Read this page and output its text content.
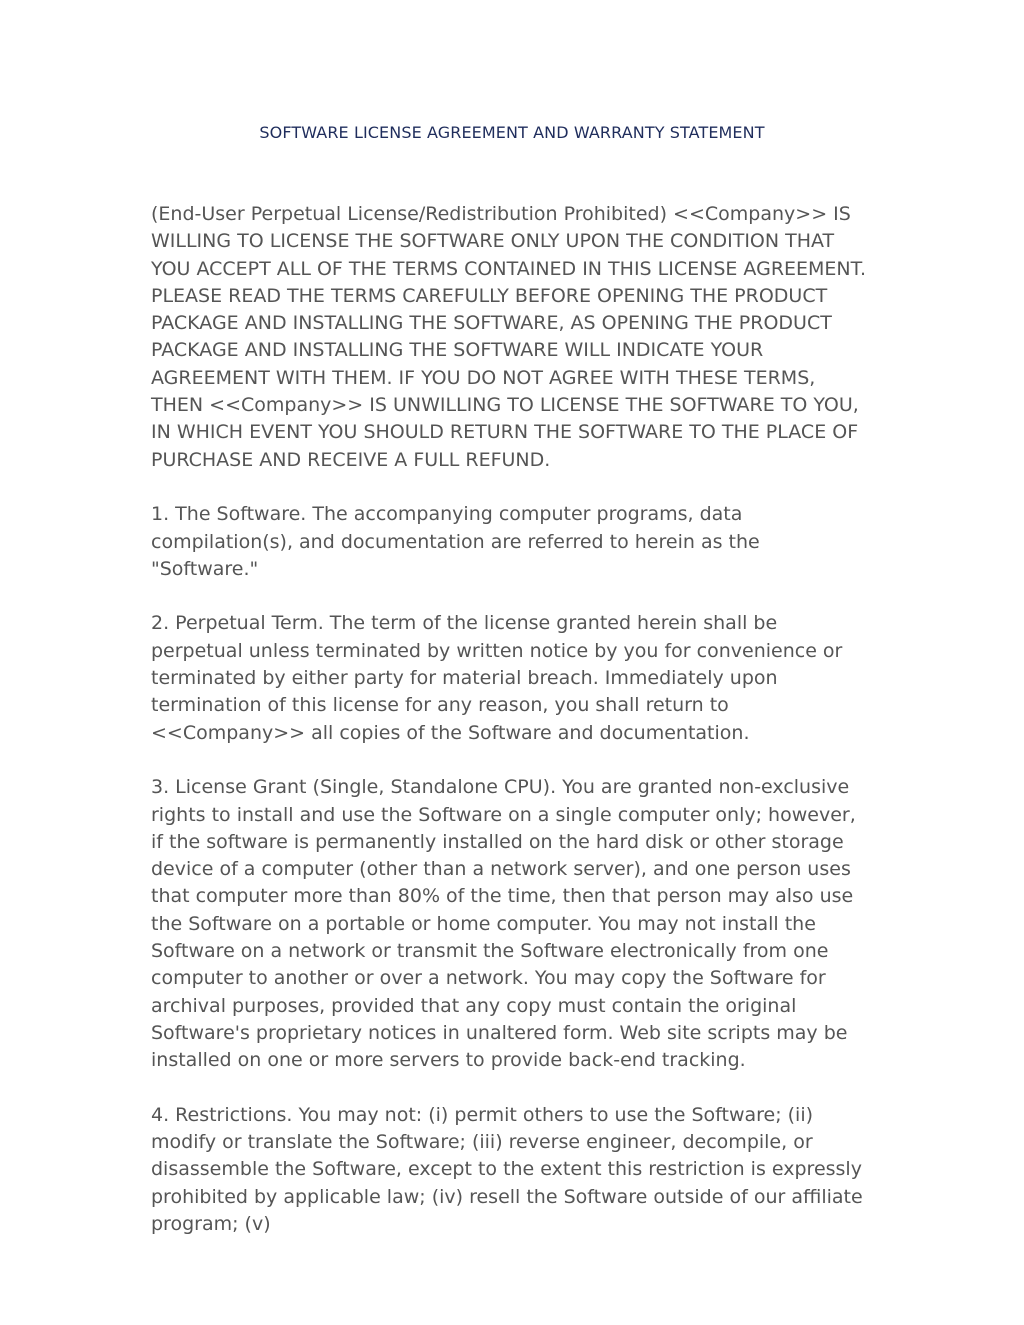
SOFTWARE LICENSE AGREEMENT AND WARRANTY STATEMENT

(End-User Perpetual License/Redistribution Prohibited) <<Company>> IS WILLING TO LICENSE THE SOFTWARE ONLY UPON THE CONDITION THAT YOU ACCEPT ALL OF THE TERMS CONTAINED IN THIS LICENSE AGREEMENT. PLEASE READ THE TERMS CAREFULLY BEFORE OPENING THE PRODUCT PACKAGE AND INSTALLING THE SOFTWARE, AS OPENING THE PRODUCT PACKAGE AND INSTALLING THE SOFTWARE WILL INDICATE YOUR AGREEMENT WITH THEM. IF YOU DO NOT AGREE WITH THESE TERMS, THEN <<Company>> IS UNWILLING TO LICENSE THE SOFTWARE TO YOU, IN WHICH EVENT YOU SHOULD RETURN THE SOFTWARE TO THE PLACE OF PURCHASE AND RECEIVE A FULL REFUND.

1. The Software. The accompanying computer programs, data compilation(s), and documentation are referred to herein as the "Software."

2. Perpetual Term. The term of the license granted herein shall be perpetual unless terminated by written notice by you for convenience or terminated by either party for material breach. Immediately upon termination of this license for any reason, you shall return to <<Company>> all copies of the Software and documentation.

3. License Grant (Single, Standalone CPU). You are granted non-exclusive rights to install and use the Software on a single computer only; however, if the software is permanently installed on the hard disk or other storage device of a computer (other than a network server), and one person uses that computer more than 80% of the time, then that person may also use the Software on a portable or home computer. You may not install the Software on a network or transmit the Software electronically from one computer to another or over a network. You may copy the Software for archival purposes, provided that any copy must contain the original Software's proprietary notices in unaltered form. Web site scripts may be installed on one or more servers to provide back-end tracking.

4. Restrictions. You may not: (i) permit others to use the Software; (ii) modify or translate the Software; (iii) reverse engineer, decompile, or disassemble the Software, except to the extent this restriction is expressly prohibited by applicable law; (iv) resell the Software outside of our affiliate program; (v)
